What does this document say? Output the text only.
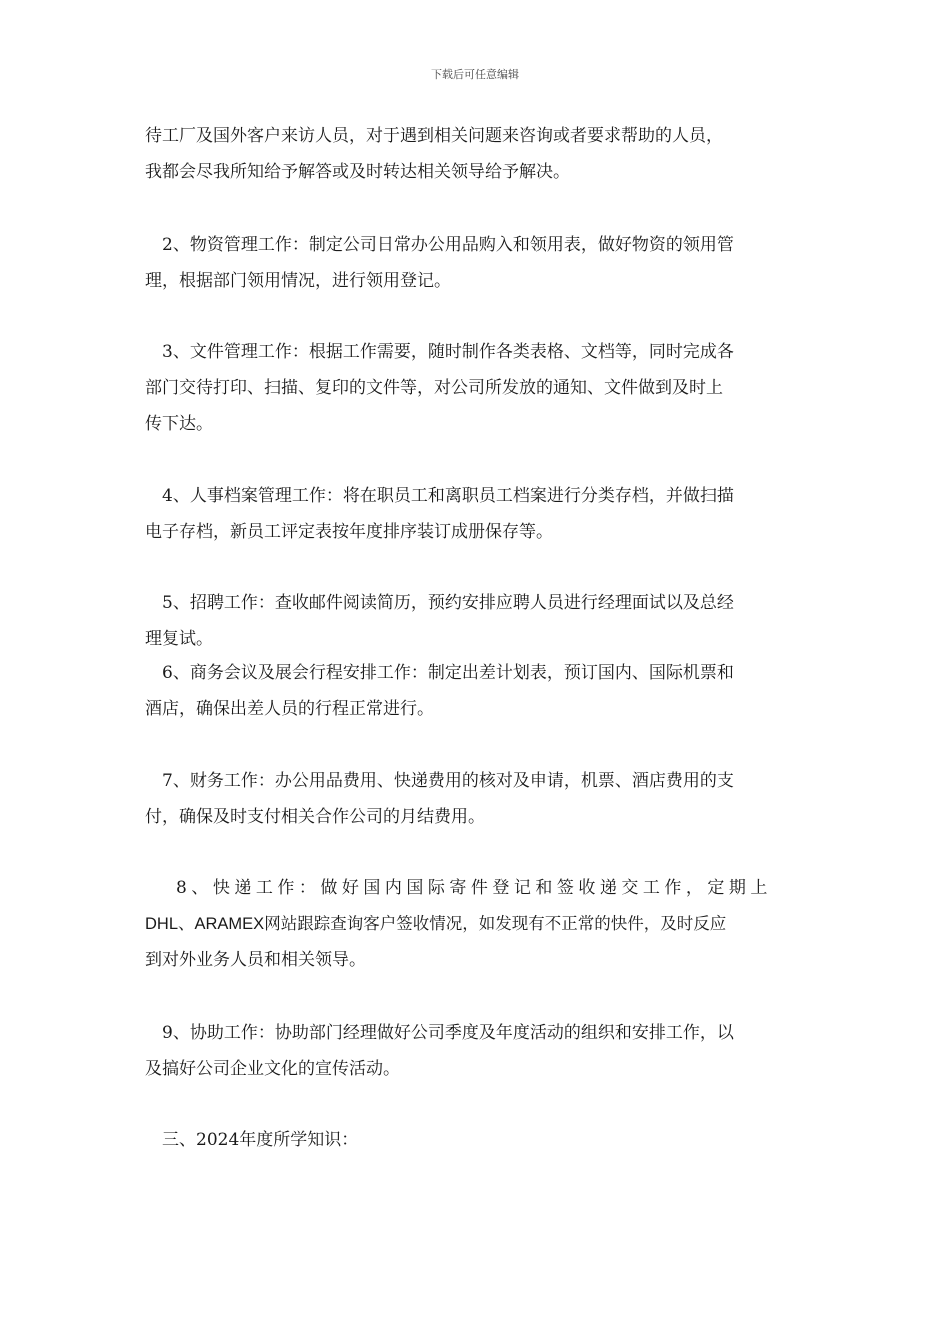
下载后可任意编辑
待工厂及国外客户来访人员，对于遇到相关问题来咨询或者要求帮助的人员，
我都会尽我所知给予解答或及时转达相关领导给予解决。
2、物资管理工作：制定公司日常办公用品购入和领用表，做好物资的领用管
理，根据部门领用情况，进行领用登记。
3、文件管理工作：根据工作需要，随时制作各类表格、文档等，同时完成各
部门交待打印、扫描、复印的文件等，对公司所发放的通知、文件做到及时上
传下达。
4、人事档案管理工作：将在职员工和离职员工档案进行分类存档，并做扫描
电子存档，新员工评定表按年度排序装订成册保存等。
5、招聘工作：查收邮件阅读简历，预约安排应聘人员进行经理面试以及总经
理复试。
6、商务会议及展会行程安排工作：制定出差计划表，预订国内、国际机票和
酒店，确保出差人员的行程正常进行。
7、财务工作：办公用品费用、快递费用的核对及申请，机票、酒店费用的支
付，确保及时支付相关合作公司的月结费用。
8、快递工作：做好国内国际寄件登记和签收递交工作，定期上
DHL、ARAMEX网站跟踪查询客户签收情况，如发现有不正常的快件，及时反应
到对外业务人员和相关领导。
9、协助工作：协助部门经理做好公司季度及年度活动的组织和安排工作，以
及搞好公司企业文化的宣传活动。
三、2024年度所学知识：
